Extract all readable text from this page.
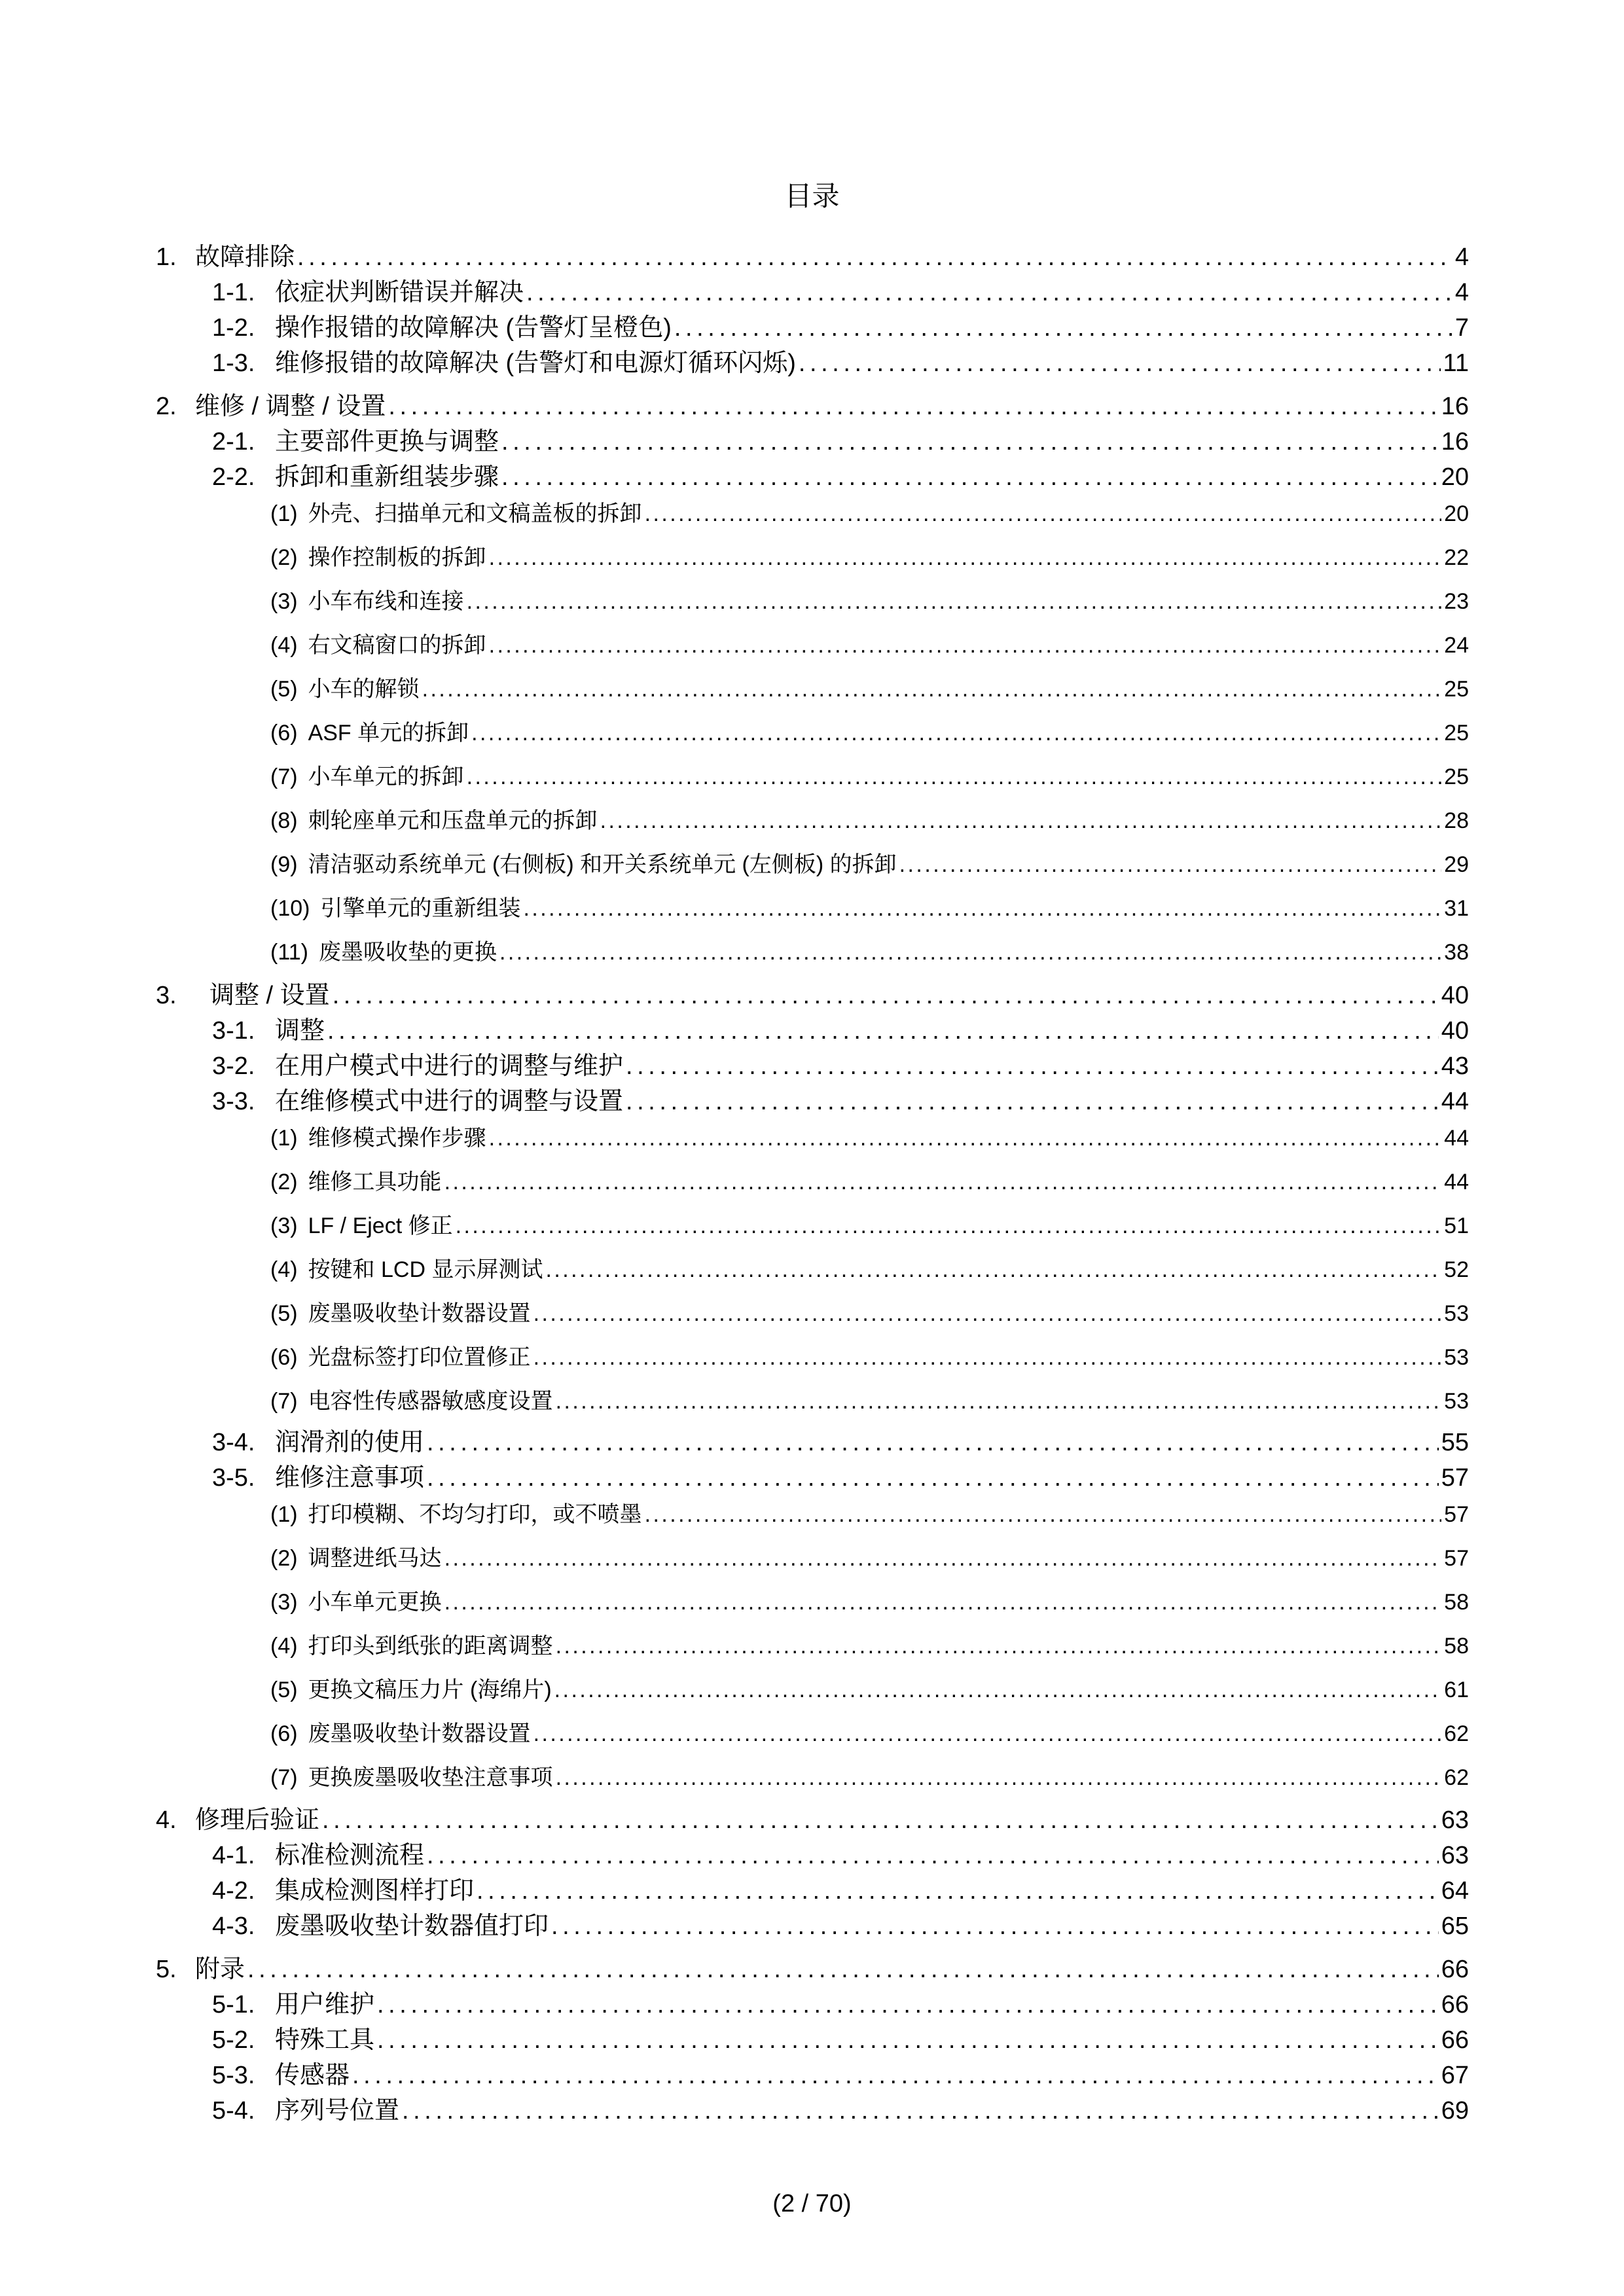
目录
1. 故障排除 . . .	4
1-1. 依症状判断错误并解决 . . .	4
1-2. 操作报错的故障解决 (告警灯呈橙色) . . .	7
1-3. 维修报错的故障解决 (告警灯和电源灯循环闪烁) . . .	11
2. 维修 / 调整 / 设置 . . .	16
2-1. 主要部件更换与调整 . . .	16
2-2. 拆卸和重新组装步骤 . . .	20
(1) 外壳、扫描单元和文稿盖板的拆卸 . . .	20
(2) 操作控制板的拆卸 . . .	22
(3) 小车布线和连接 . . .	23
(4) 右文稿窗口的拆卸 . . .	24
(5) 小车的解锁 . . .	25
(6) ASF 单元的拆卸 . . .	25
(7) 小车单元的拆卸 . . .	25
(8) 刺轮座单元和压盘单元的拆卸 . . .	28
(9) 清洁驱动系统单元 (右侧板) 和开关系统单元 (左侧板) 的拆卸 . . .	29
(10) 引擎单元的重新组装 . . .	31
(11) 废墨吸收垫的更换 . . .	38
3.	调整 / 设置 . . .	40
3-1. 调整 . . .	40
3-2. 在用户模式中进行的调整与维护 . . .	43
3-3. 在维修模式中进行的调整与设置 . . .	44
(1) 维修模式操作步骤 . . .	44
(2) 维修工具功能 . . .	44
(3) LF / Eject 修正 . . .	51
(4) 按键和 LCD 显示屏测试 . . .	52
(5) 废墨吸收垫计数器设置 . . .	53
(6) 光盘标签打印位置修正 . . .	53
(7) 电容性传感器敏感度设置 . . .	53
3-4. 润滑剂的使用 . . .	55
3-5. 维修注意事项 . . .	57
(1) 打印模糊、不均匀打印，或不喷墨 . . .	57
(2) 调整进纸马达 . . .	57
(3) 小车单元更换 . . .	58
(4) 打印头到纸张的距离调整 . . .	58
(5) 更换文稿压力片 (海绵片) . . .	61
(6) 废墨吸收垫计数器设置 . . .	62
(7) 更换废墨吸收垫注意事项 . . .	62
4. 修理后验证 . . .	63
4-1. 标准检测流程 . . .	63
4-2. 集成检测图样打印 . . .	64
4-3. 废墨吸收垫计数器值打印 . . .	65
5. 附录 . . .	66
5-1. 用户维护 . . .	66
5-2. 特殊工具 . . .	66
5-3. 传感器 . . .	67
5-4. 序列号位置 . . .	69
(2 / 70)
